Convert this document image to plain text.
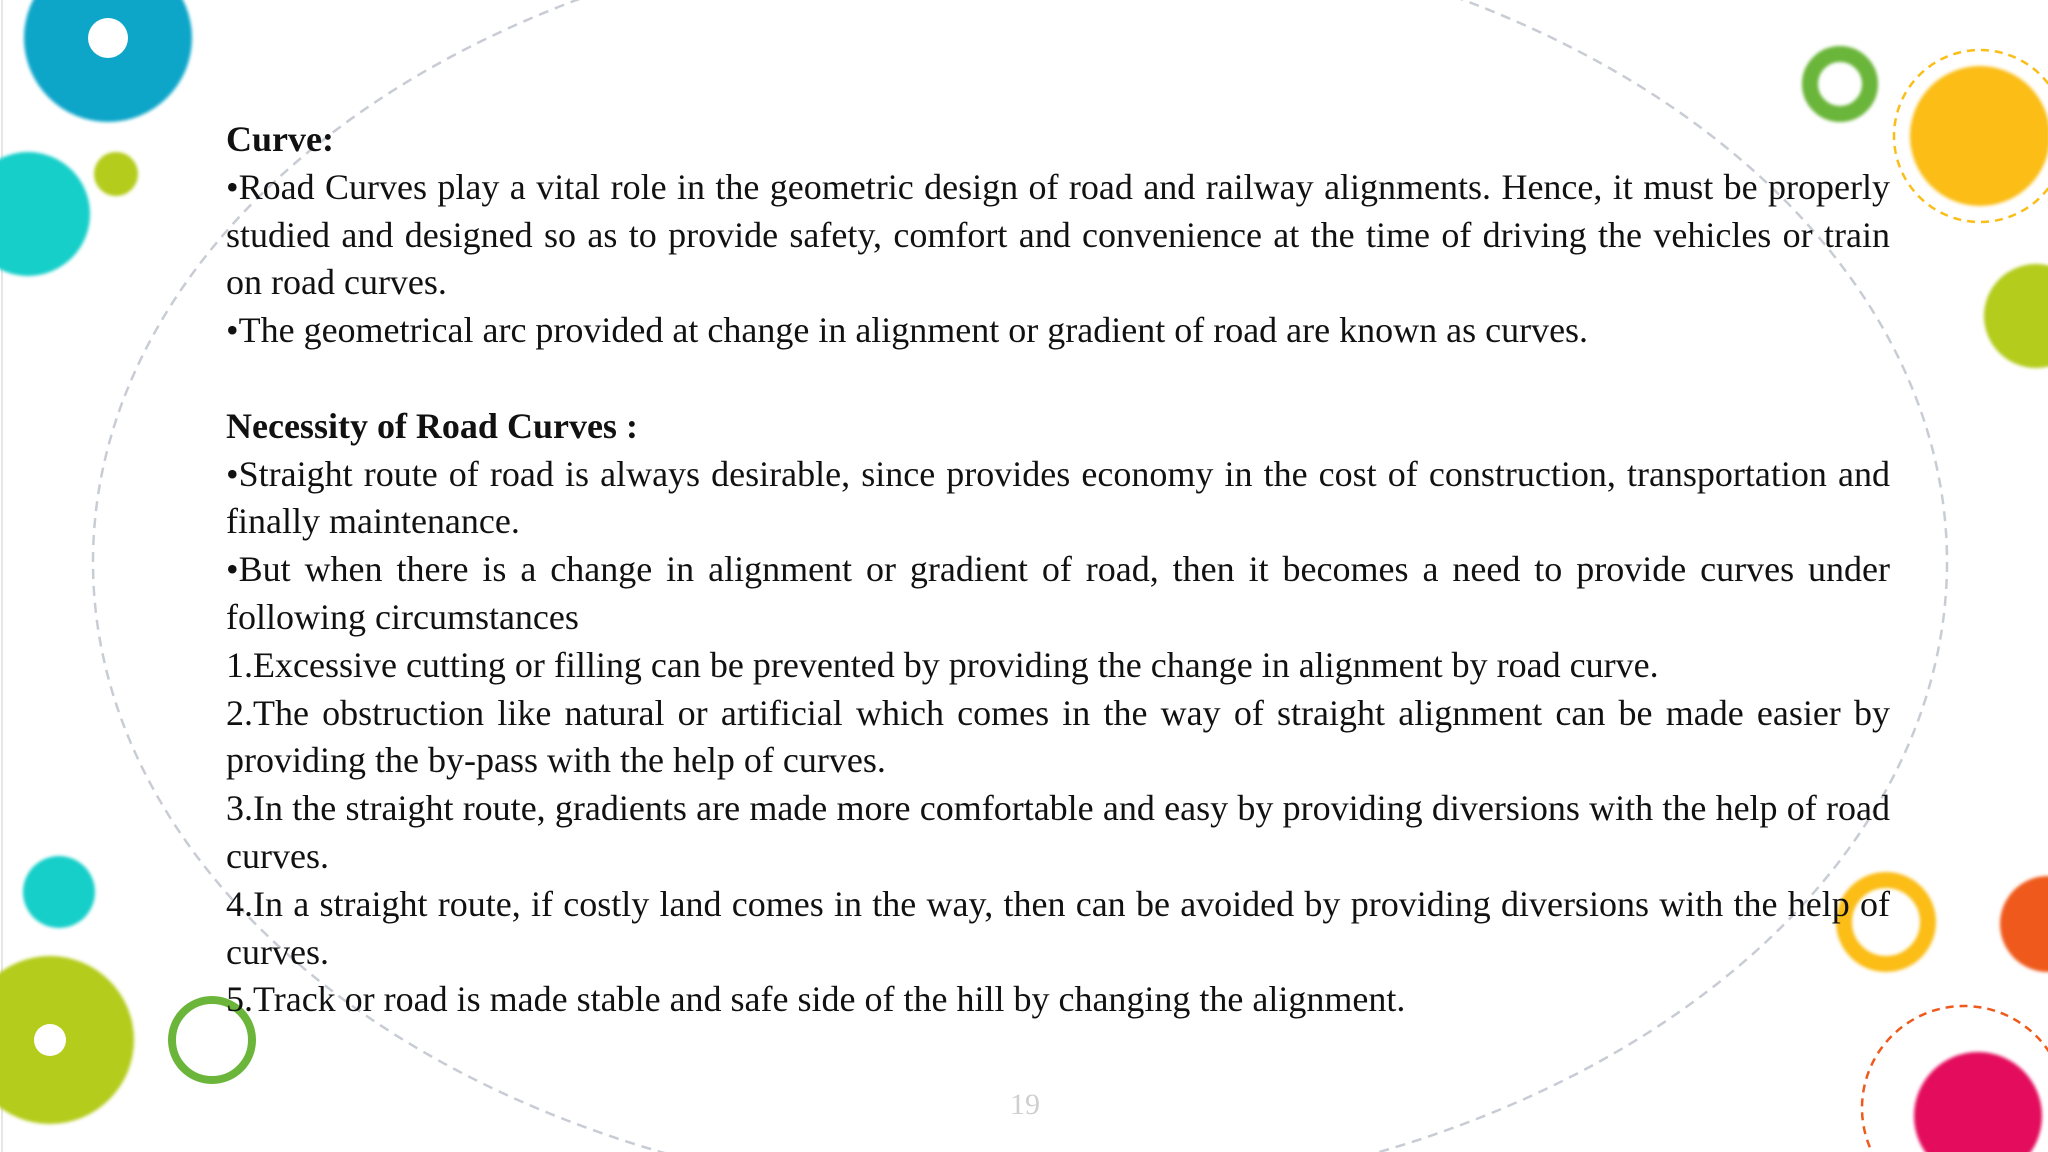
Curve:

•Road Curves play a vital role in the geometric design of road and railway alignments. Hence, it must be properly studied and designed so as to provide safety, comfort and convenience at the time of driving the vehicles or train on road curves.

•The geometrical arc provided at change in alignment or gradient of road are known as curves.

Necessity of Road Curves :

•Straight route of road is always desirable, since provides economy in the cost of construction, transportation and finally maintenance.

•But when there is a change in alignment or gradient of road, then it becomes a need to provide curves under following circumstances

1.Excessive cutting or filling can be prevented by providing the change in alignment by road curve.

2.The obstruction like natural or artificial which comes in the way of straight alignment can be made easier by providing the by-pass with the help of curves.

3.In the straight route, gradients are made more comfortable and easy by providing diversions with the help of road curves.

4.In a straight route, if costly land comes in the way, then can be avoided by providing diversions with the help of curves.

5.Track or road is made stable and safe side of the hill by changing the alignment.

19
